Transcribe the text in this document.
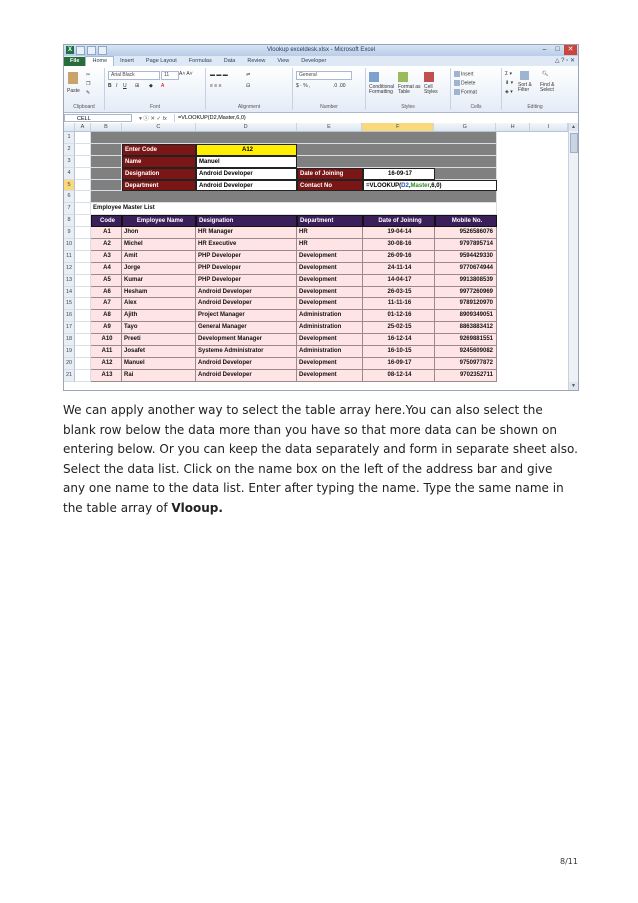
X	Vlookup exceldesk.xlsx - Microsoft Excel	–	□	✕
File	Home	Insert	Page Layout	Formulas	Data	Review	View	Developer	△ ? ▫ ✕
Paste
✂
❐
✎
Clipboard
Arial Black	11	A˄ A˅
B I U ⊞ ◆ A
Font
▬ ▬ ▬
≡ ≡ ≡
⇌
⊟
Alignment
General
$ · % ,	.0 .00
Number
Conditional Formatting
Format as Table
Cell Styles
Styles
Insert
Delete
Format
Cells
Σ ▾
⬇ ▾
◈ ▾
Sort & Filter
🔍︎
Find & Select
Editing
CELL	▾ ⓧ ✕ ✓ fx	=VLOOKUP(D2,Master,6,0)
A	B	C	D	E	F	G	H	I
1
2	Enter Code	A12
3	Name	Manuel
4	Designation	Android Developer	Date of Joining	16-09-17
5	Department	Android Developer	Contact No	=VLOOKUP(D2,Master,6,0)
6
7	Employee Master List
8	Code	Employee Name	Designation	Department	Date of Joining	Mobile No.
9	A1	Jhon	HR Manager	HR	19-04-14	9526586076
10	A2	Michel	HR Executive	HR	30-08-16	9797895714
11	A3	Amit	PHP Developer	Development	26-09-16	9594429330
12	A4	Jorge	PHP Developer	Development	24-11-14	9770674944
13	A5	Kumar	PHP Developer	Development	14-04-17	9913808539
14	A6	Hesham	Android Developer	Development	26-03-15	9977260969
15	A7	Alex	Android Developer	Development	11-11-16	9789120970
16	A8	Ajith	Project Manager	Administration	01-12-16	8909349051
17	A9	Tayo	General Manager	Administration	25-02-15	8863883412
18	A10	Preeti	Development Manager	Development	16-12-14	9269881551
19	A11	Josafet	Systeme Administrator	Administration	16-10-15	9245609082
20	A12	Manuel	Android Developer	Development	16-09-17	9750977872
21	A13	Rai	Android Developer	Development	08-12-14	9702352711
▲
▼

We can apply another way to select the table array here.You can also select the blank row below the data more than you have so that more data can be shown on entering below. Or you can keep the data separately and form in separate sheet also.

Select the data list. Click on the name box on the left of the address bar and give any one name to the data list. Enter after typing the name. Type the same name in the table array of Vlooup.

8/11
